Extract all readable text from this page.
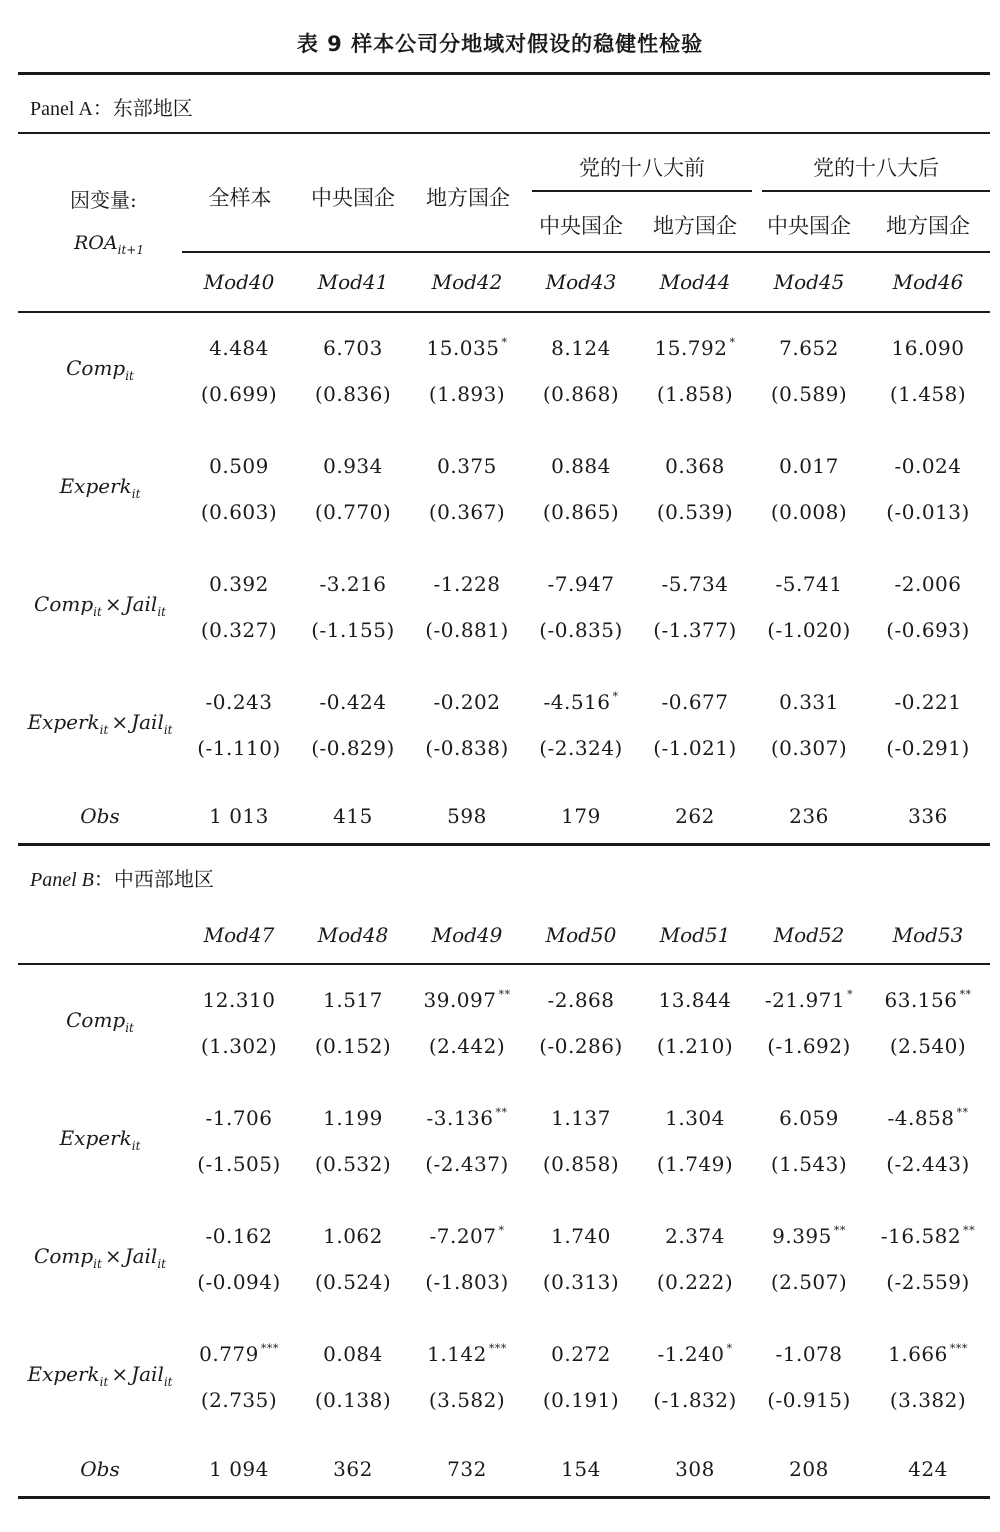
表 9 样本公司分地域对假设的稳健性检验
Panel A：东部地区
因变量:
$ROA_{it+1}$
全样本	中央国企	地方国企
党的十八大前	党的十八大后
中央国企	地方国企	中央国企	地方国企
Mod40	Mod41	Mod42	Mod43	Mod44	Mod45	Mod46
Comp$_{it}$
4.484	6.703	15.035 *	8.124	15.792 *	7.652	16.090
(0.699)	(0.836)	(1.893)	(0.868)	(1.858)	(0.589)	(1.458)
Experk$_{it}$
0.509	0.934	0.375	0.884	0.368	0.017	-0.024
(0.603)	(0.770)	(0.367)	(0.865)	(0.539)	(0.008)	(-0.013)
Comp$_{it}$ × Jail$_{it}$
0.392	-3.216	-1.228	-7.947	-5.734	-5.741	-2.006
(0.327)	(-1.155)	(-0.881)	(-0.835)	(-1.377)	(-1.020)	(-0.693)
Experk$_{it}$ × Jail$_{it}$
-0.243	-0.424	-0.202	-4.516 *	-0.677	0.331	-0.221
(-1.110)	(-0.829)	(-0.838)	(-2.324)	(-1.021)	(0.307)	(-0.291)
Obs	1 013	415	598	179	262	236	336
Panel B：中西部地区
Mod47	Mod48	Mod49	Mod50	Mod51	Mod52	Mod53
Comp$_{it}$
12.310	1.517	39.097 **	-2.868	13.844	-21.971 *	63.156 **
(1.302)	(0.152)	(2.442)	(-0.286)	(1.210)	(-1.692)	(2.540)
Experk$_{it}$
-1.706	1.199	-3.136 **	1.137	1.304	6.059	-4.858 **
(-1.505)	(0.532)	(-2.437)	(0.858)	(1.749)	(1.543)	(-2.443)
Comp$_{it}$ × Jail$_{it}$
-0.162	1.062	-7.207 *	1.740	2.374	9.395 **	-16.582 **
(-0.094)	(0.524)	(-1.803)	(0.313)	(0.222)	(2.507)	(-2.559)
Experk$_{it}$ × Jail$_{it}$
0.779 ***	0.084	1.142 ***	0.272	-1.240 *	-1.078	1.666 ***
(2.735)	(0.138)	(3.582)	(0.191)	(-1.832)	(-0.915)	(3.382)
Obs	1 094	362	732	154	308	208	424
